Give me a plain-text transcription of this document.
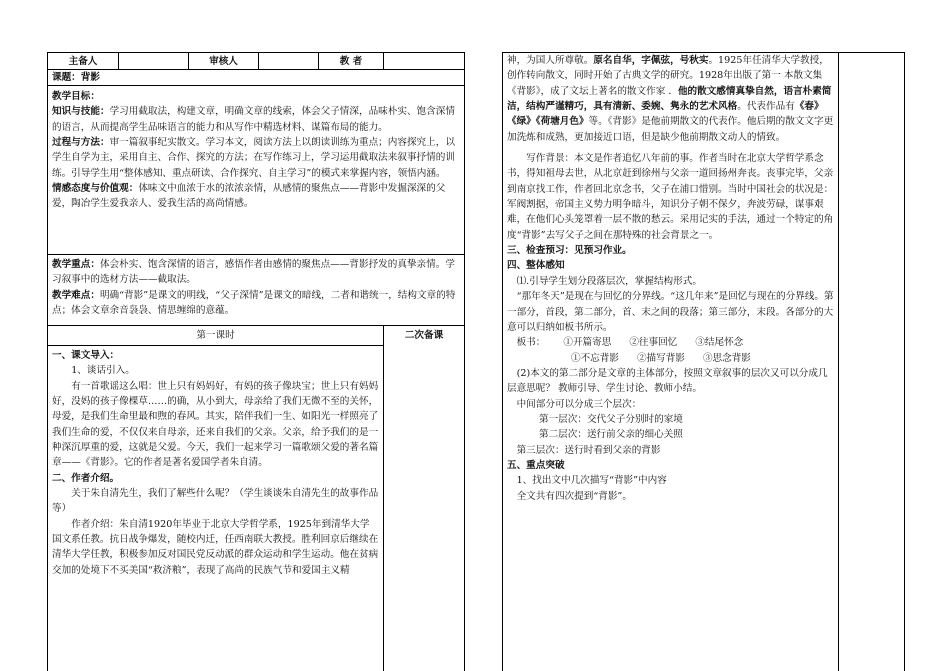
主备人	审核人	教 者
课题：背影

教学目标：

知识与技能：学习用截取法，构建文章，明确文章的线索，体会父子情深，品味朴实、饱含深情的语言，从而提高学生品味语言的能力和从写作中精选材料、谋篇布局的能力。

过程与方法：审一篇叙事纪实散文。学习本文，阅读方法上以朗读训练为重点；内容探究上，以学生自学为主，采用自主、合作、探究的方法；在写作练习上，学习运用截取法来叙事抒情的训练。引导学生用“整体感知、重点研读、合作探究、自主学习”的模式来掌握内容，领悟内涵。

情感态度与价值观：体味文中血浓于水的浓浓亲情，从感情的聚焦点——背影中发掘深深的父爱，陶冶学生爱我亲人、爱我生活的高尚情感。

教学重点：体会朴实、饱含深情的语言，感悟作者由感情的聚焦点——背影抒发的真挚亲情。学习叙事中的选材方法——截取法。

教学难点：明确“背影”是课文的明线，“父子深情”是课文的暗线，二者和谐统一，结构文章的特点；体会文章余音袅袅、情思缠绵的意蕴。

第一课时	二次备课

一、课文导入：

1、谈话引入。

有一首歌谣这么唱：世上只有妈妈好，有妈的孩子像块宝；世上只有妈妈好，没妈的孩子像棵草……的确，从小到大，母亲给了我们无微不至的关怀，母爱，是我们生命里最和煦的春风。其实，陪伴我们一生、如阳光一样照亮了我们生命的爱，不仅仅来自母亲，还来自我们的父亲。父亲，给予我们的是一种深沉厚重的爱，这就是父爱。今天，我们一起来学习一篇歌颂父爱的著名篇章——《背影》。它的作者是著名爱国学者朱自清。

二、作者介绍。

关于朱自清先生，我们了解些什么呢？（学生谈谈朱自清先生的故事作品等）

作者介绍：朱自清1920年毕业于北京大学哲学系，1925年到清华大学国文系任教。抗日战争爆发，随校内迁，任西南联大教授。胜利回京后继续在清华大学任教，积极参加反对国民党反动派的群众运动和学生运动。他在贫病交加的处境下不买美国“救济粮”，表现了高尚的民族气节和爱国主义精

神，为国人所尊敬。原名自华，字佩弦，号秋实。1925年任清华大学教授，创作转向散文，同时开始了古典文学的研究。1928年出版了第一 本散文集《背影》，成了文坛上著名的散文作家 ．他的散文感情真挚自然，语言朴素简洁，结构严谨精巧，具有清新、委婉、隽永的艺术风格。代表作品有《春》《绿》《荷塘月色》等。《背影》是他前期散文的代表作。他后期的散文文字更加洗炼和成熟，更加接近口语，但是缺少他前期散文动人的情致。

写作背景：本文是作者追忆八年前的事。作者当时在北京大学哲学系念书，得知祖母去世，从北京赶到徐州与父亲一道回扬州奔丧。丧事完毕，父亲到南京找工作，作者回北京念书，父子在浦口惜别。当时中国社会的状况是：军阀割据，帝国主义势力明争暗斗，知识分子朝不保夕，奔波劳碌，谋事艰难，在他们心头笼罩着一层不散的愁云。采用记实的手法，通过一个特定的角度“背影”去写父子之间在那特殊的社会背景之一。

三、检查预习：见预习作业。

四、整体感知

⑴.引导学生划分段落层次，掌握结构形式。

“那年冬天”是现在与回忆的分界线。“这几年来”是回忆与现在的分界线。第一部分，首段，第二部分，首、末之间的段落；第三部分，末段。各部分的大意可以归纳如板书所示。

板书： ①开篇寄思 ②往事回忆 ③结尾怀念

①不忘背影 ②描写背影 ③思念背影

(2)本文的第二部分是文章的主体部分，按照文章叙事的层次又可以分成几层意思呢？ 教师引导、学生讨论、教师小结。

中间部分可以分成三个层次：

第一层次：交代父子分别时的家境

第二层次：送行前父亲的细心关照

第三层次：送行时看到父亲的背影

五、重点突破

1、找出文中几次描写“背影”中内容

全文共有四次提到“背影”。
